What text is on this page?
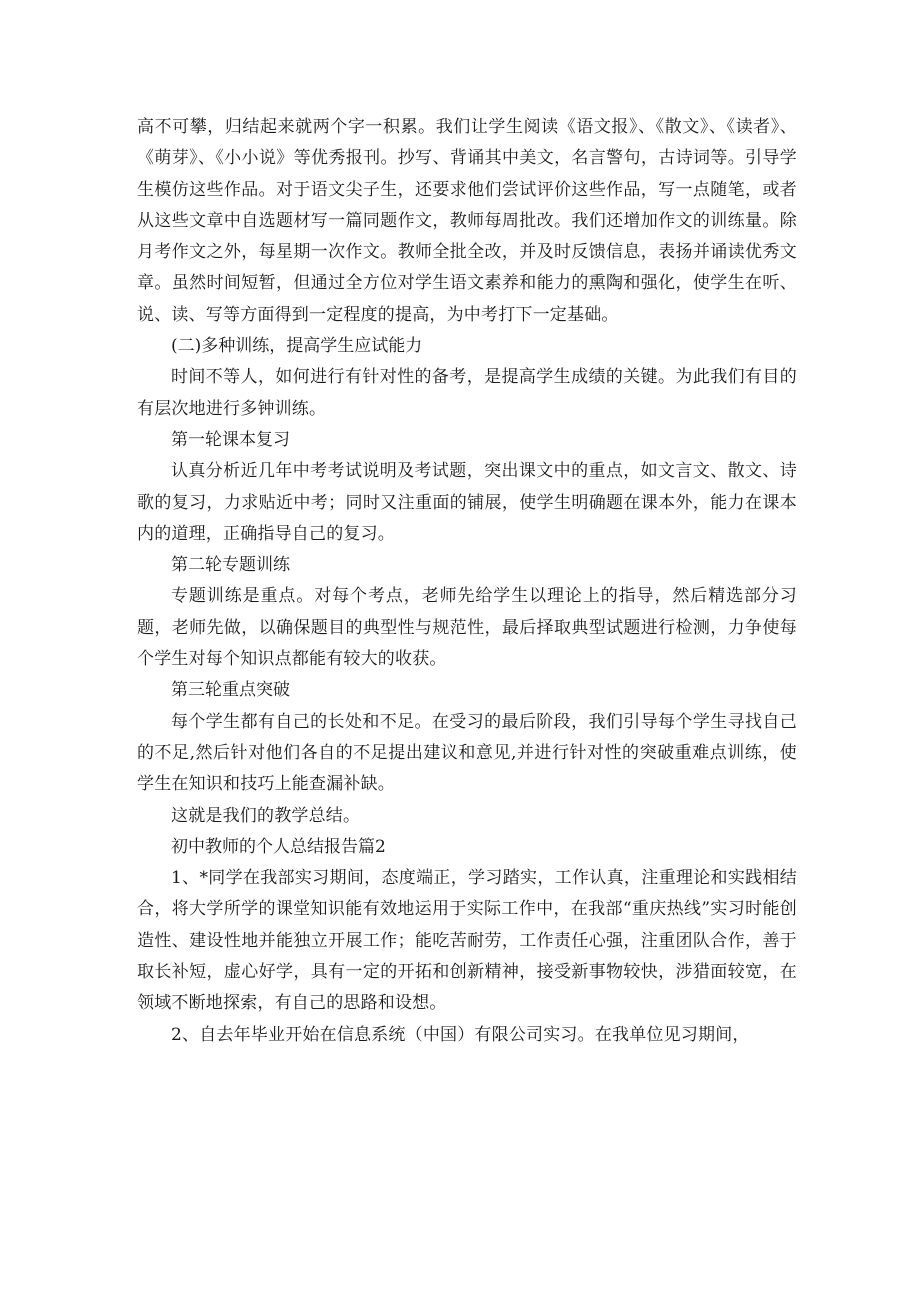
高不可攀，归结起来就两个字一积累。我们让学生阅读《语文报》、《散文》、《读者》、《萌芽》、《小小说》等优秀报刊。抄写、背诵其中美文，名言警句，古诗词等。引导学生模仿这些作品。对于语文尖子生，还要求他们尝试评价这些作品，写一点随笔，或者从这些文章中自选题材写一篇同题作文，教师每周批改。我们还增加作文的训练量。除月考作文之外，每星期一次作文。教师全批全改，并及时反馈信息，表扬并诵读优秀文章。虽然时间短暂，但通过全方位对学生语文素养和能力的熏陶和强化，使学生在听、说、读、写等方面得到一定程度的提高，为中考打下一定基础。

(二)多种训练，提高学生应试能力

时间不等人，如何进行有针对性的备考，是提高学生成绩的关键。为此我们有目的有层次地进行多钟训练。

第一轮课本复习

认真分析近几年中考考试说明及考试题，突出课文中的重点，如文言文、散文、诗歌的复习，力求贴近中考；同时又注重面的铺展，使学生明确题在课本外，能力在课本内的道理，正确指导自己的复习。

第二轮专题训练

专题训练是重点。对每个考点，老师先给学生以理论上的指导，然后精选部分习题，老师先做，以确保题目的典型性与规范性，最后择取典型试题进行检测，力争使每个学生对每个知识点都能有较大的收获。

第三轮重点突破

每个学生都有自己的长处和不足。在受习的最后阶段，我们引导每个学生寻找自己的不足,然后针对他们各自的不足提出建议和意见,并进行针对性的突破重难点训练，使学生在知识和技巧上能查漏补缺。

这就是我们的教学总结。

初中教师的个人总结报告篇2

1、*同学在我部实习期间，态度端正，学习踏实，工作认真，注重理论和实践相结合，将大学所学的课堂知识能有效地运用于实际工作中，在我部“重庆热线”实习时能创造性、建设性地并能独立开展工作；能吃苦耐劳，工作责任心强，注重团队合作，善于取长补短，虚心好学，具有一定的开拓和创新精神，接受新事物较快，涉猎面较宽，在领域不断地探索，有自己的思路和设想。

2、自去年毕业开始在信息系统（中国）有限公司实习。在我单位见习期间，
